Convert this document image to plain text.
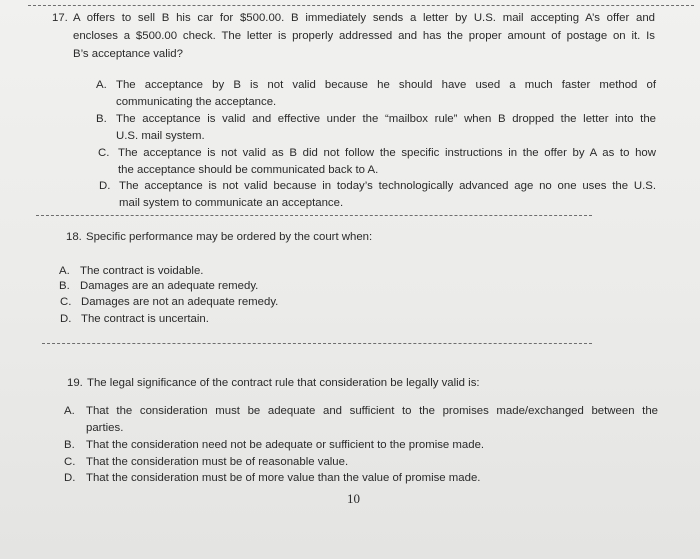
17. A offers to sell B his car for $500.00. B immediately sends a letter by U.S. mail accepting A’s offer and
encloses a $500.00 check. The letter is properly addressed and has the proper amount of postage on it. Is
B’s acceptance valid?
A. The acceptance by B is not valid because he should have used a much faster method of
communicating the acceptance.
B. The acceptance is valid and effective under the “mailbox rule” when B dropped the letter into the
U.S. mail system.
C. The acceptance is not valid as B did not follow the specific instructions in the offer by A as to how
the acceptance should be communicated back to A.
D. The acceptance is not valid because in today’s technologically advanced age no one uses the U.S.
mail system to communicate an acceptance.
18. Specific performance may be ordered by the court when:
A. The contract is voidable.
B. Damages are an adequate remedy.
C. Damages are not an adequate remedy.
D. The contract is uncertain.
19. The legal significance of the contract rule that consideration be legally valid is:
A. That the consideration must be adequate and sufficient to the promises made/exchanged between the
parties.
B. That the consideration need not be adequate or sufficient to the promise made.
C. That the consideration must be of reasonable value.
D. That the consideration must be of more value than the value of promise made.
10
